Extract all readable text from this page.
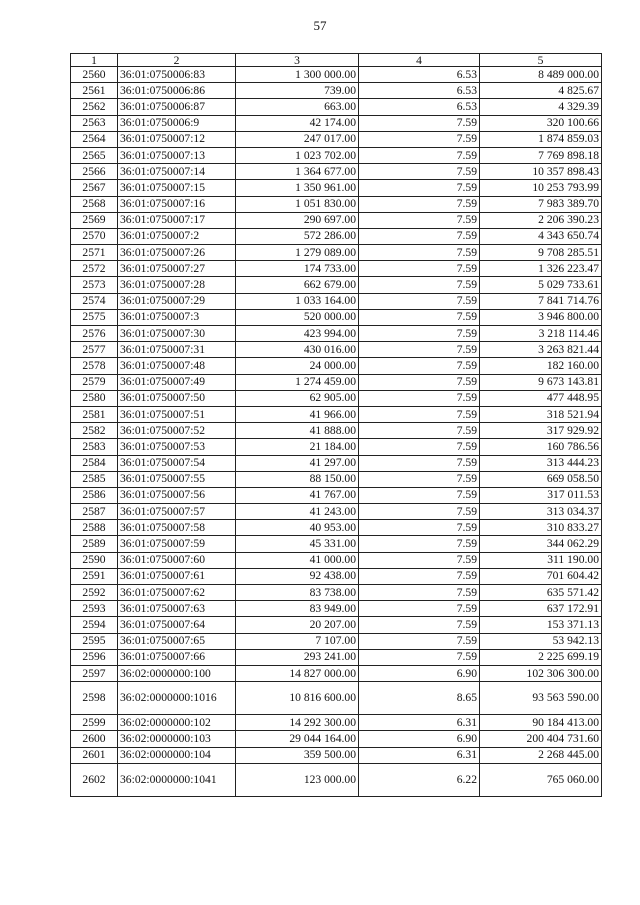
57
1	2	3	4	5
2560	36:01:0750006:83	1 300 000.00	6.53	8 489 000.00
2561	36:01:0750006:86	739.00	6.53	4 825.67
2562	36:01:0750006:87	663.00	6.53	4 329.39
2563	36:01:0750006:9	42 174.00	7.59	320 100.66
2564	36:01:0750007:12	247 017.00	7.59	1 874 859.03
2565	36:01:0750007:13	1 023 702.00	7.59	7 769 898.18
2566	36:01:0750007:14	1 364 677.00	7.59	10 357 898.43
2567	36:01:0750007:15	1 350 961.00	7.59	10 253 793.99
2568	36:01:0750007:16	1 051 830.00	7.59	7 983 389.70
2569	36:01:0750007:17	290 697.00	7.59	2 206 390.23
2570	36:01:0750007:2	572 286.00	7.59	4 343 650.74
2571	36:01:0750007:26	1 279 089.00	7.59	9 708 285.51
2572	36:01:0750007:27	174 733.00	7.59	1 326 223.47
2573	36:01:0750007:28	662 679.00	7.59	5 029 733.61
2574	36:01:0750007:29	1 033 164.00	7.59	7 841 714.76
2575	36:01:0750007:3	520 000.00	7.59	3 946 800.00
2576	36:01:0750007:30	423 994.00	7.59	3 218 114.46
2577	36:01:0750007:31	430 016.00	7.59	3 263 821.44
2578	36:01:0750007:48	24 000.00	7.59	182 160.00
2579	36:01:0750007:49	1 274 459.00	7.59	9 673 143.81
2580	36:01:0750007:50	62 905.00	7.59	477 448.95
2581	36:01:0750007:51	41 966.00	7.59	318 521.94
2582	36:01:0750007:52	41 888.00	7.59	317 929.92
2583	36:01:0750007:53	21 184.00	7.59	160 786.56
2584	36:01:0750007:54	41 297.00	7.59	313 444.23
2585	36:01:0750007:55	88 150.00	7.59	669 058.50
2586	36:01:0750007:56	41 767.00	7.59	317 011.53
2587	36:01:0750007:57	41 243.00	7.59	313 034.37
2588	36:01:0750007:58	40 953.00	7.59	310 833.27
2589	36:01:0750007:59	45 331.00	7.59	344 062.29
2590	36:01:0750007:60	41 000.00	7.59	311 190.00
2591	36:01:0750007:61	92 438.00	7.59	701 604.42
2592	36:01:0750007:62	83 738.00	7.59	635 571.42
2593	36:01:0750007:63	83 949.00	7.59	637 172.91
2594	36:01:0750007:64	20 207.00	7.59	153 371.13
2595	36:01:0750007:65	7 107.00	7.59	53 942.13
2596	36:01:0750007:66	293 241.00	7.59	2 225 699.19
2597	36:02:0000000:100	14 827 000.00	6.90	102 306 300.00
2598	36:02:0000000:1016	10 816 600.00	8.65	93 563 590.00
2599	36:02:0000000:102	14 292 300.00	6.31	90 184 413.00
2600	36:02:0000000:103	29 044 164.00	6.90	200 404 731.60
2601	36:02:0000000:104	359 500.00	6.31	2 268 445.00
2602	36:02:0000000:1041	123 000.00	6.22	765 060.00
